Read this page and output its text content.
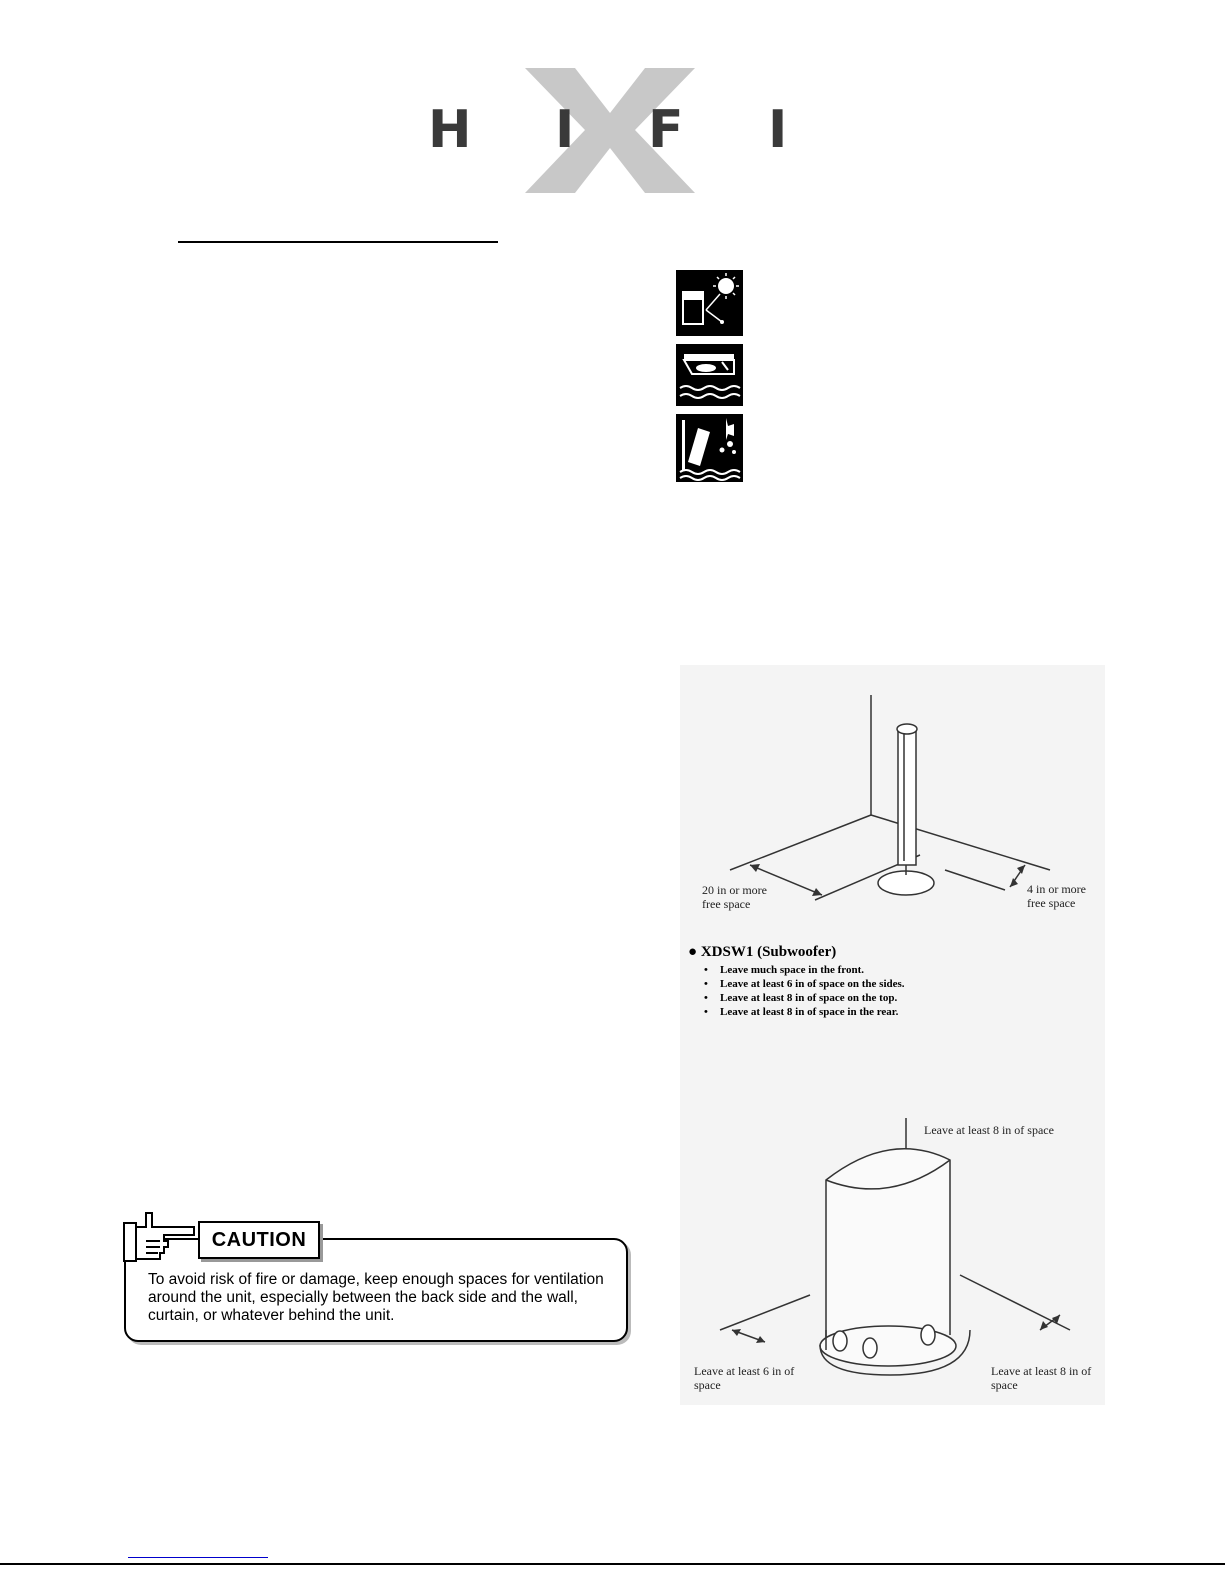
H I F I
20 in or more
free space
4 in or more
free space
● XDSW1 (Subwoofer)
• Leave much space in the front.
• Leave at least 6 in of space on the sides.
• Leave at least 8 in of space on the top.
• Leave at least 8 in of space in the rear.
Leave at least 8 in of space
Leave at least 6 in of
space
Leave at least 8 in of
space
CAUTION

To avoid risk of fire or damage, keep enough spaces for ventilation around the unit, especially between the back side and the wall, curtain, or whatever behind the unit.
